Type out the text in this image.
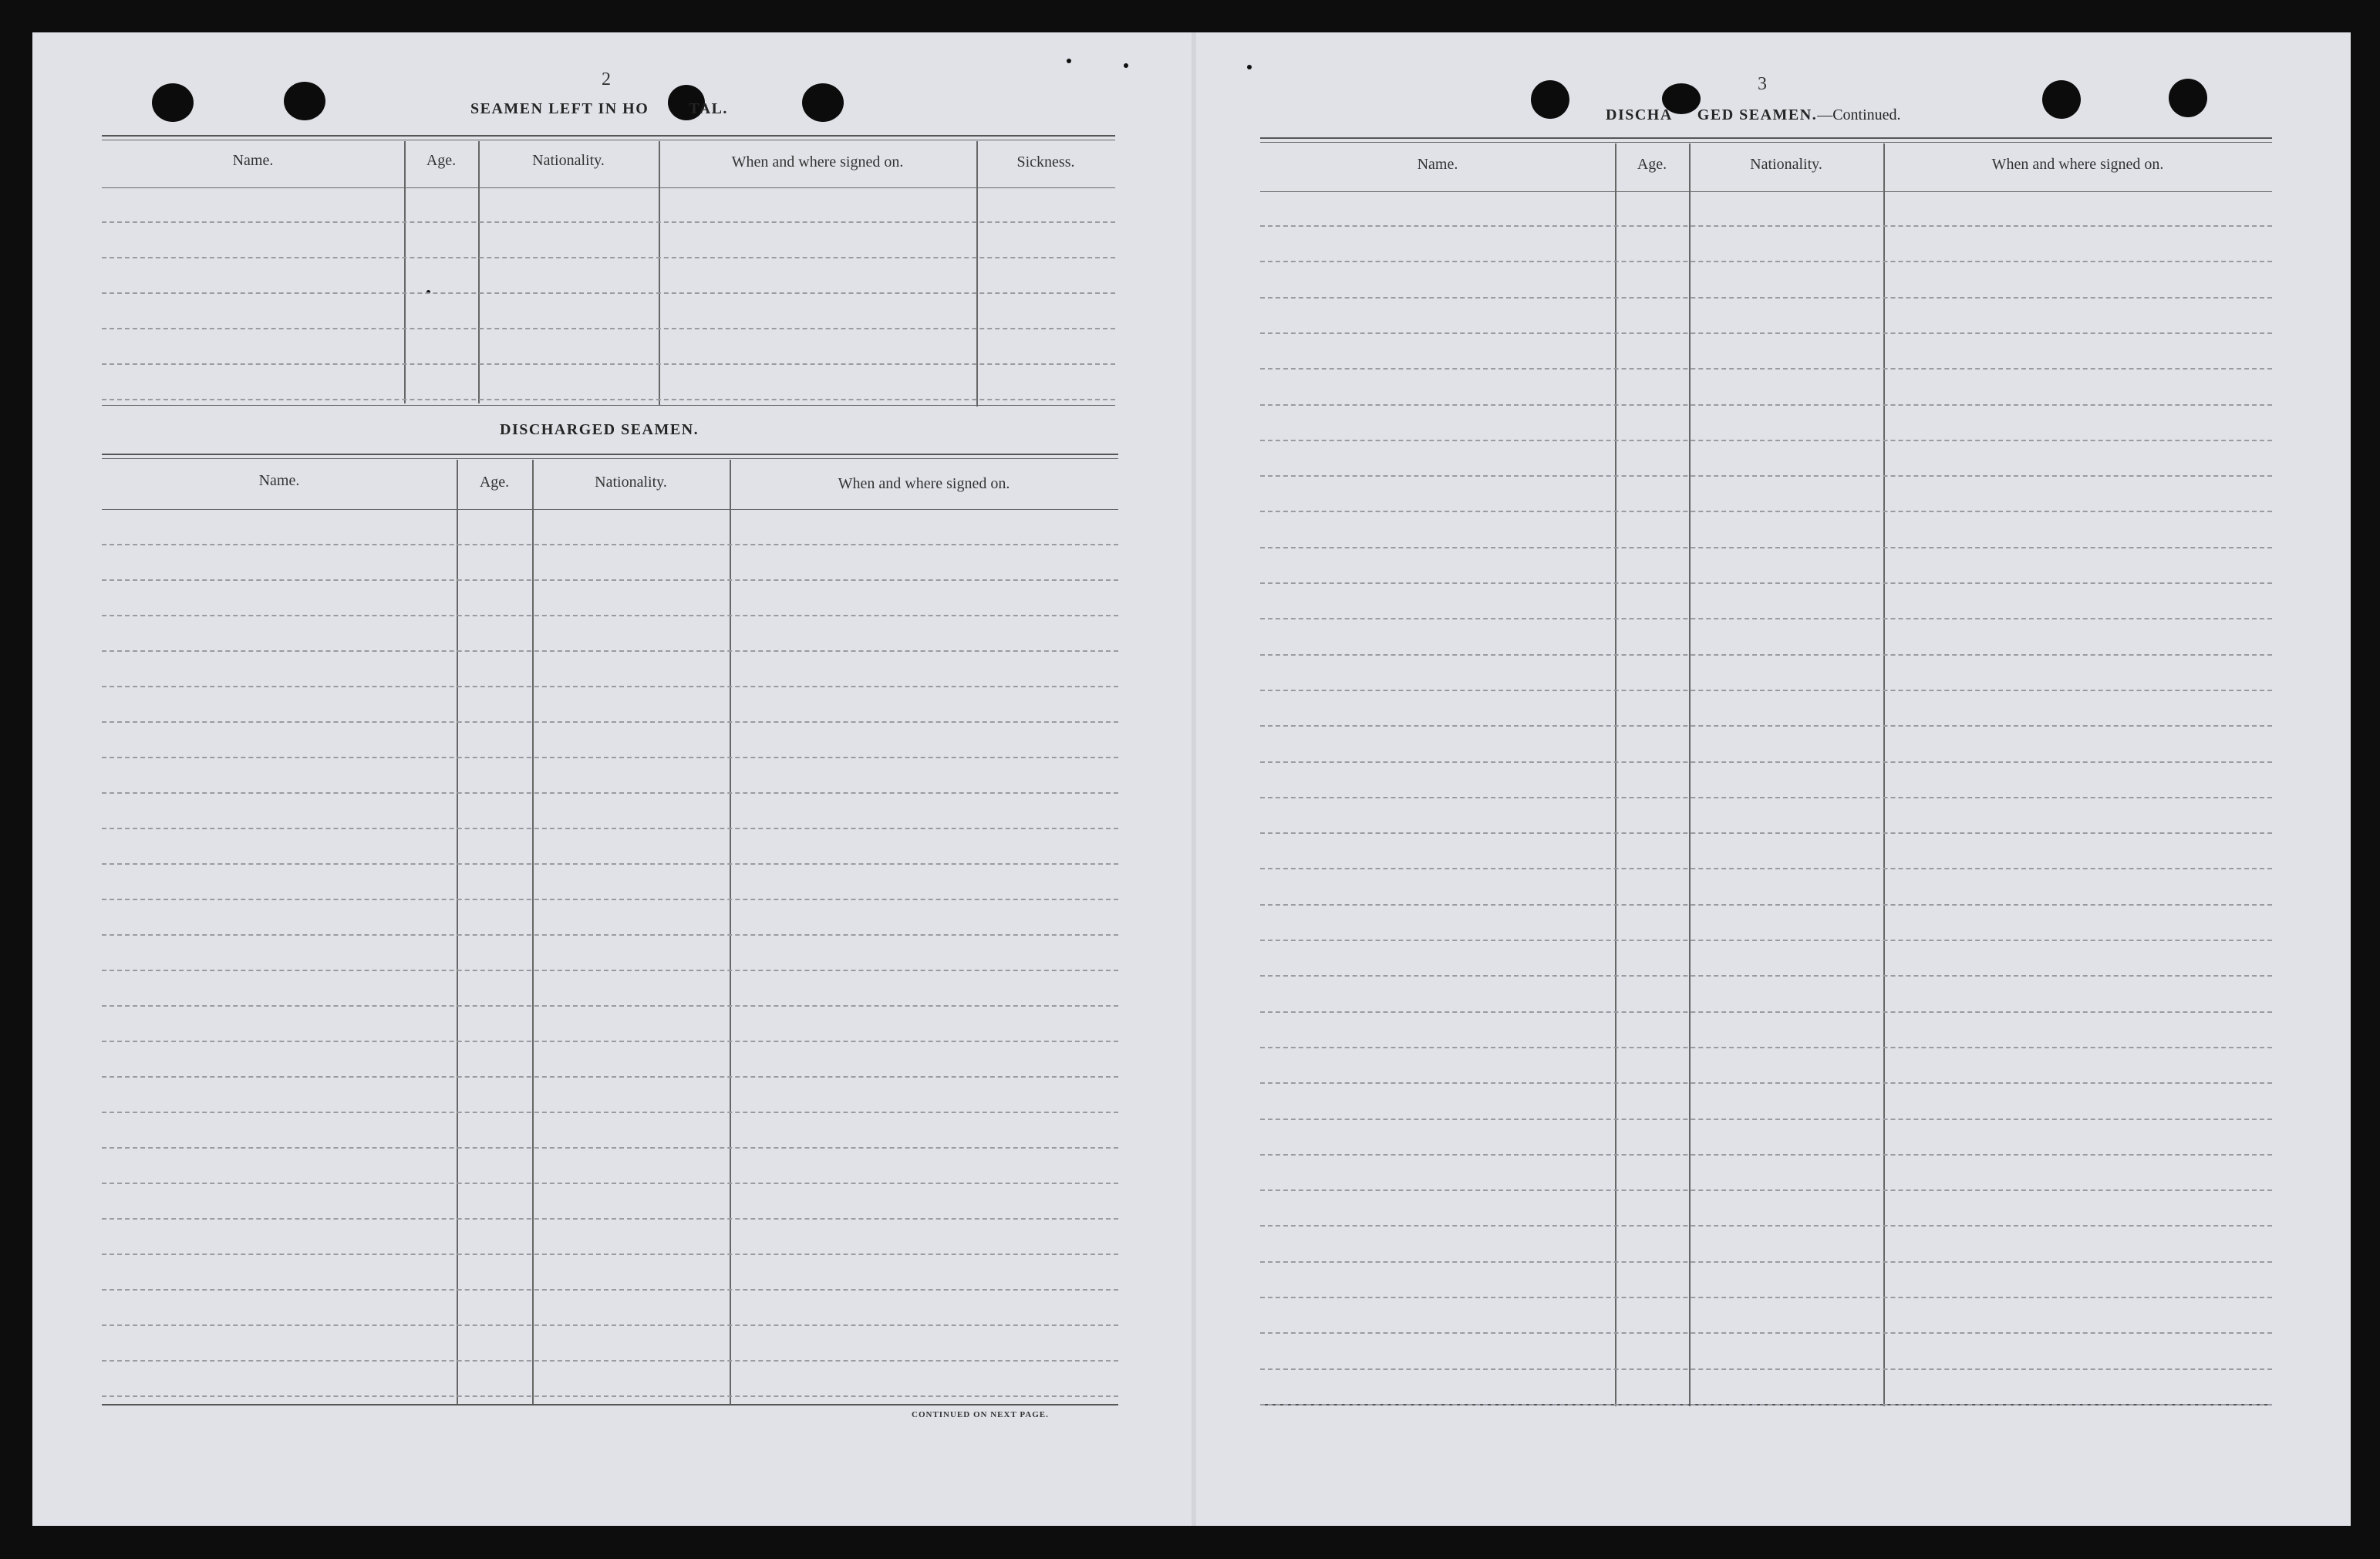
2
SEAMEN LEFT IN HO	TAL.
Name.	Age.	Nationality.	When and where signed on.	Sickness.
DISCHARGED SEAMEN.
Name.	Age.	Nationality.	When and where signed on.
CONTINUED ON NEXT PAGE.
3
DISCHA GED SEAMEN.—Continued.
Name.	Age.	Nationality.	When and where signed on.
